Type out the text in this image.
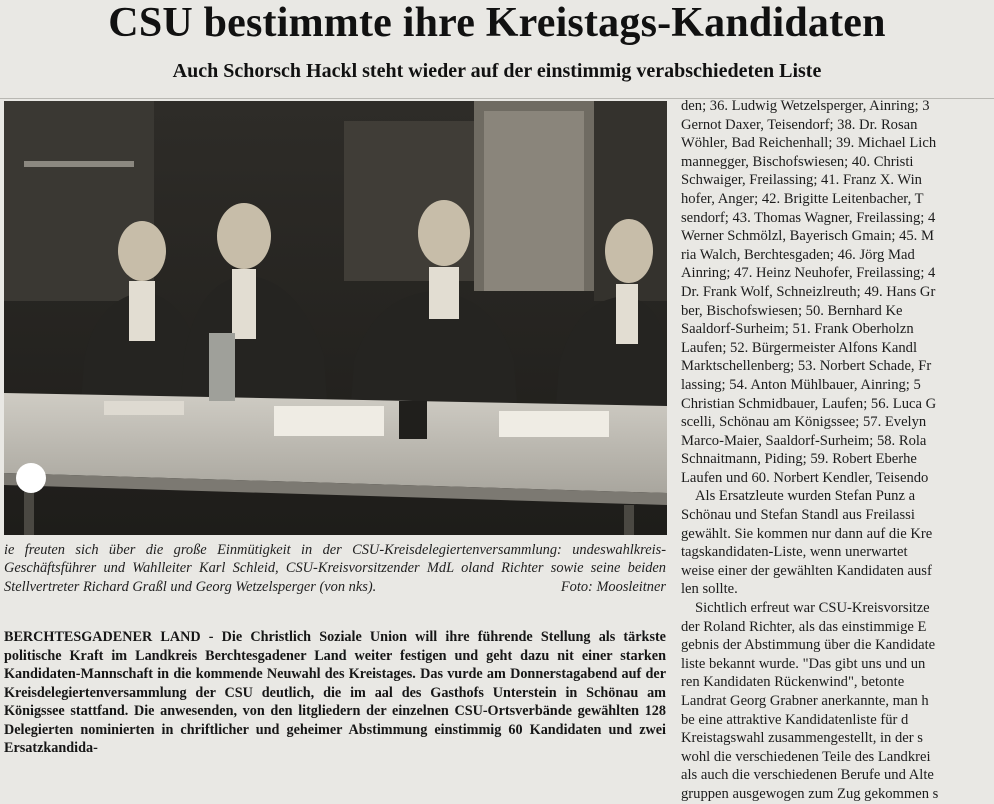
CSU bestimmte ihre Kreistags-Kandidaten
Auch Schorsch Hackl steht wieder auf der einstimmig verabschiedeten Liste
ie freuten sich über die große Einmütigkeit in der CSU-Kreisdelegiertenversammlung: undeswahlkreis-Geschäftsführer und Wahlleiter Karl Schleid, CSU-Kreisvorsitzender MdL oland Richter sowie seine beiden Stellvertreter Richard Graßl und Georg Wetzelsperger (von nks).	Foto: Moosleitner
BERCHTESGADENER LAND - Die Christlich Soziale Union will ihre führende Stellung als tärkste politische Kraft im Landkreis Berchtesgadener Land weiter festigen und geht dazu nit einer starken Kandidaten-Mannschaft in die kommende Neuwahl des Kreistages. Das vurde am Donnerstagabend auf der Kreisdelegiertenversammlung der CSU deutlich, die im aal des Gasthofs Unterstein in Schönau am Königssee stattfand. Die anwesenden, von den litgliedern der einzelnen CSU-Ortsverbände gewählten 128 Delegierten nominierten in chriftlicher und geheimer Abstimmung einstimmig 60 Kandidaten und zwei Ersatzkandida-

den; 36. Ludwig Wetzelsperger, Ainring; 3

Gernot Daxer, Teisendorf; 38. Dr. Rosan

Wöhler, Bad Reichenhall; 39. Michael Lich

mannegger, Bischofswiesen; 40. Christi

Schwaiger, Freilassing; 41. Franz X. Win

hofer, Anger; 42. Brigitte Leitenbacher, T

sendorf; 43. Thomas Wagner, Freilassing; 4

Werner Schmölzl, Bayerisch Gmain; 45. M

ria Walch, Berchtesgaden; 46. Jörg Mad

Ainring; 47. Heinz Neuhofer, Freilassing; 4

Dr. Frank Wolf, Schneizlreuth; 49. Hans Gr

ber, Bischofswiesen; 50. Bernhard Ke

Saaldorf-Surheim; 51. Frank Oberholzn

Laufen; 52. Bürgermeister Alfons Kandl

Marktschellenberg; 53. Norbert Schade, Fr

lassing; 54. Anton Mühlbauer, Ainring; 5

Christian Schmidbauer, Laufen; 56. Luca G

scelli, Schönau am Königssee; 57. Evelyn

Marco-Maier, Saaldorf-Surheim; 58. Rola

Schnaitmann, Piding; 59. Robert Eberhe

Laufen und 60. Norbert Kendler, Teisendo

Als Ersatzleute wurden Stefan Punz a

Schönau und Stefan Standl aus Freilassi

gewählt. Sie kommen nur dann auf die Kre

tagskandidaten-Liste, wenn unerwartet

weise einer der gewählten Kandidaten ausf

len sollte.

Sichtlich erfreut war CSU-Kreisvorsitze

der Roland Richter, als das einstimmige E

gebnis der Abstimmung über die Kandidate

liste bekannt wurde. "Das gibt uns und un

ren Kandidaten Rückenwind", betonte

Landrat Georg Grabner anerkannte, man h

be eine attraktive Kandidatenliste für d

Kreistagswahl zusammengestellt, in der s

wohl die verschiedenen Teile des Landkrei

als auch die verschiedenen Berufe und Alte

gruppen ausgewogen zum Zug gekommen s
